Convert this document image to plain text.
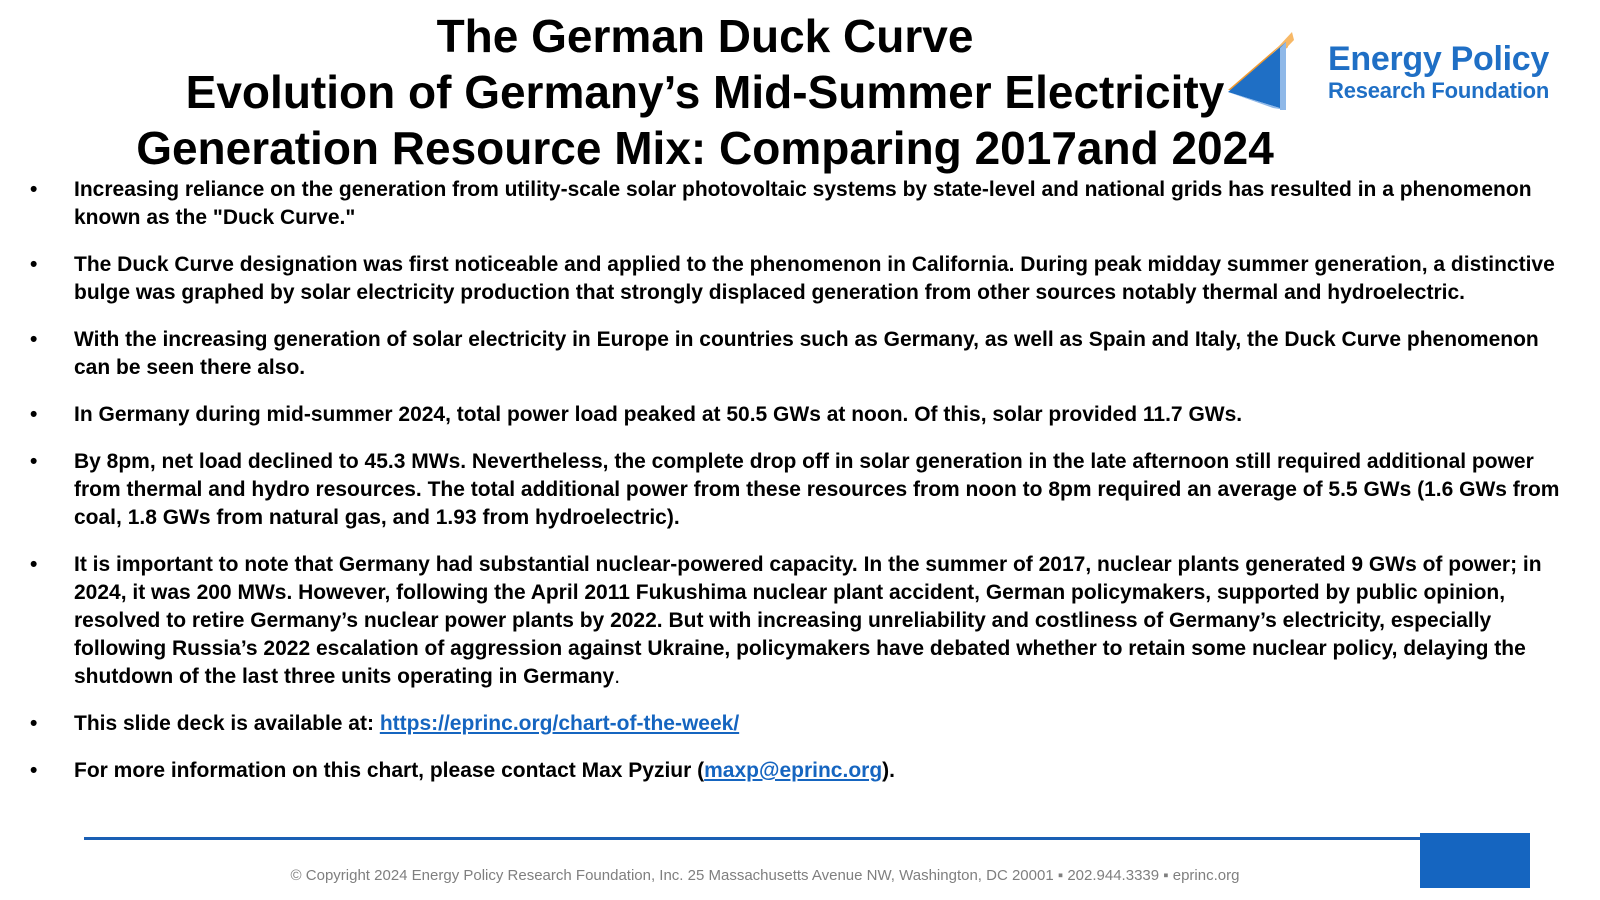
The German Duck Curve
Evolution of Germany’s Mid-Summer Electricity
Generation Resource Mix: Comparing 2017and 2024
Energy Policy
Research Foundation
• Increasing reliance on the generation from utility-scale solar photovoltaic systems by state-level and national grids has resulted in a phenomenon known as the "Duck Curve."
• The Duck Curve designation was first noticeable and applied to the phenomenon in California. During peak midday summer generation, a distinctive bulge was graphed by solar electricity production that strongly displaced generation from other sources notably thermal and hydroelectric.
• With the increasing generation of solar electricity in Europe in countries such as Germany, as well as Spain and Italy, the Duck Curve phenomenon can be seen there also.
• In Germany during mid-summer 2024, total power load peaked at 50.5 GWs at noon. Of this, solar provided 11.7 GWs.
• By 8pm, net load declined to 45.3 MWs. Nevertheless, the complete drop off in solar generation in the late afternoon still required additional power from thermal and hydro resources. The total additional power from these resources from noon to 8pm required an average of 5.5 GWs (1.6 GWs from coal, 1.8 GWs from natural gas, and 1.93 from hydroelectric).
• It is important to note that Germany had substantial nuclear-powered capacity. In the summer of 2017, nuclear plants generated 9 GWs of power; in 2024, it was 200 MWs. However, following the April 2011 Fukushima nuclear plant accident, German policymakers, supported by public opinion, resolved to retire Germany’s nuclear power plants by 2022. But with increasing unreliability and costliness of Germany’s electricity, especially following Russia’s 2022 escalation of aggression against Ukraine, policymakers have debated whether to retain some nuclear policy, delaying the shutdown of the last three units operating in Germany.
• This slide deck is available at: https://eprinc.org/chart-of-the-week/
• For more information on this chart, please contact Max Pyziur (maxp@eprinc.org).
© Copyright 2024 Energy Policy Research Foundation, Inc. 25 Massachusetts Avenue NW, Washington, DC 20001 ▪ 202.944.3339 ▪ eprinc.org
